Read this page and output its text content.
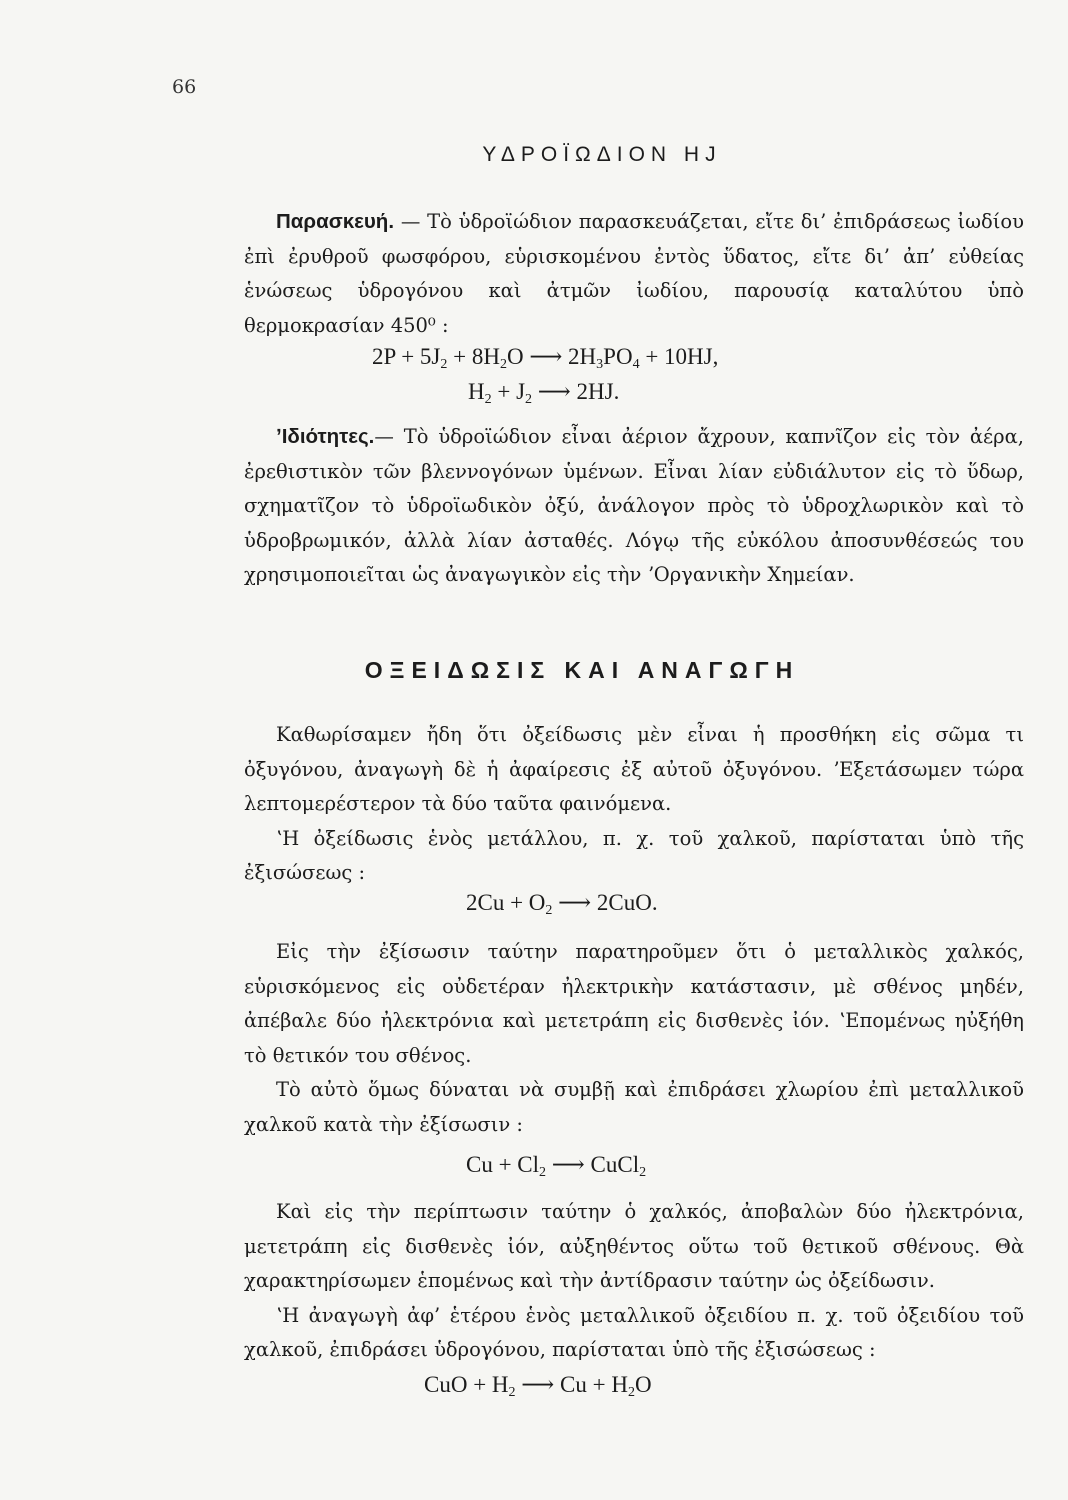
66
ΥΔΡΟΪΩΔΙΟΝ HJ

Παρασκευή. — Τὸ ὑδροϊώδιον παρασκευάζεται, εἴτε δι’ ἐπιδράσεως ἰωδίου ἐπὶ ἐρυθροῦ φωσφόρου, εὑρισκομένου ἐντὸς ὕδατος, εἴτε δι’ ἀπ’ εὐθείας ἑνώσεως ὑδρογόνου καὶ ἀτμῶν ἰωδίου, παρουσίᾳ καταλύτου ὑπὸ θερμοκρασίαν 450⁰ :

$2P + 5J_2 + 8H_2O$ ⟶ $2H_3PO_4 + 10HJ$,
$H_2 + J_2$ ⟶ 2HJ.

ʼΙδιότητες.— Τὸ ὑδροϊώδιον εἶναι ἀέριον ἄχρουν, καπνῖζον εἰς τὸν ἀέρα, ἐρεθιστικὸν τῶν βλεννογόνων ὑμένων. Εἶναι λίαν εὐδιάλυτον εἰς τὸ ὕδωρ, σχηματῖζον τὸ ὑδροϊωδικὸν ὀξύ, ἀνάλογον πρὸς τὸ ὑδροχλωρικὸν καὶ τὸ ὑδροβρωμικόν, ἀλλὰ λίαν ἀσταθές. Λόγῳ τῆς εὐκόλου ἀποσυνθέσεώς του χρησιμοποιεῖται ὡς ἀναγωγικὸν εἰς τὴν ʼΟργανικὴν Χημείαν.

ΟΞΕΙΔΩΣΙΣ ΚΑΙ ΑΝΑΓΩΓΗ

Καθωρίσαμεν ἤδη ὅτι ὀξείδωσις μὲν εἶναι ἡ προσθήκη εἰς σῶμα τι ὀξυγόνου, ἀναγωγὴ δὲ ἡ ἀφαίρεσις ἐξ αὐτοῦ ὀξυγόνου. ʼΕξετάσωμεν τώρα λεπτομερέστερον τὰ δύο ταῦτα φαινόμενα.

ʽΗ ὀξείδωσις ἑνὸς μετάλλου, π. χ. τοῦ χαλκοῦ, παρίσταται ὑπὸ τῆς ἐξισώσεως :

$2Cu + O_2$ ⟶ 2CuO.

Εἰς τὴν ἐξίσωσιν ταύτην παρατηροῦμεν ὅτι ὁ μεταλλικὸς χαλκός, εὑρισκόμενος εἰς οὐδετέραν ἠλεκτρικὴν κατάστασιν, μὲ σθένος μηδέν, ἀπέβαλε δύο ἠλεκτρόνια καὶ μετετράπη εἰς δισθενὲς ἰόν. ʽΕπομένως ηὐξήθη τὸ θετικόν του σθένος.

Τὸ αὐτὸ ὅμως δύναται νὰ συμβῇ καὶ ἐπιδράσει χλωρίου ἐπὶ μεταλλικοῦ χαλκοῦ κατὰ τὴν ἐξίσωσιν :

$Cu + Cl_2$ ⟶ CuCl$_2$

Καὶ εἰς τὴν περίπτωσιν ταύτην ὁ χαλκός, ἀποβαλὼν δύο ἠλεκτρόνια, μετετράπη εἰς δισθενὲς ἰόν, αὐξηθέντος οὕτω τοῦ θετικοῦ σθένους. Θὰ χαρακτηρίσωμεν ἑπομένως καὶ τὴν ἀντίδρασιν ταύτην ὡς ὀξείδωσιν.

ʽΗ ἀναγωγὴ ἀφ’ ἑτέρου ἑνὸς μεταλλικοῦ ὀξειδίου π. χ. τοῦ ὀξειδίου τοῦ χαλκοῦ, ἐπιδράσει ὑδρογόνου, παρίσταται ὑπὸ τῆς ἐξισώσεως :

CuO + $H_2$ ⟶ $Cu + H_2O$
